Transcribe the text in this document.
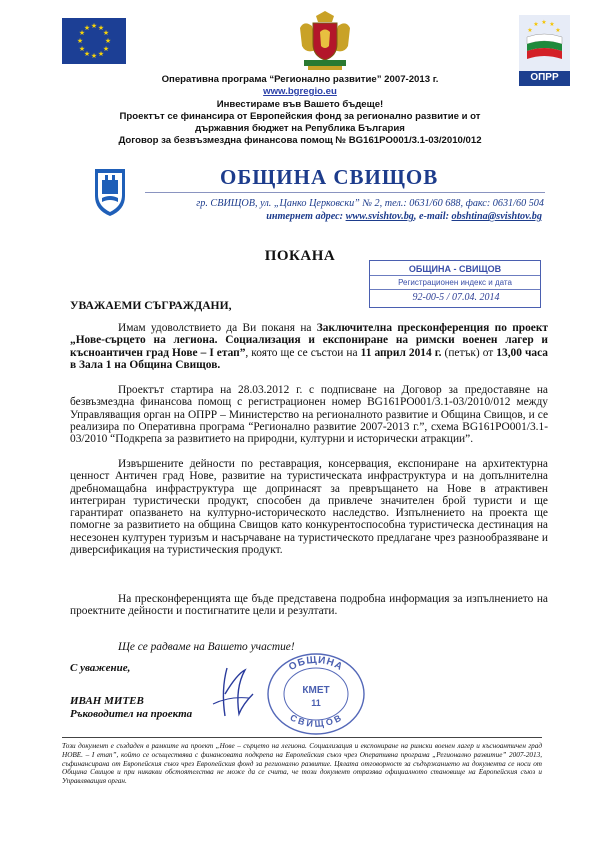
★ ★
★
★
★
★
★
★
★
★
★
★
★ ★
★
★
★
ОПРР
Оперативна програма “Регионално развитие” 2007-2013 г.
www.bgregio.eu
Инвестираме във Вашето бъдеще!
Проектът се финансира от Европейския фонд за регионално развитие и от
държавния бюджет на Република България
Договор за безвъзмездна финансова помощ № BG161PO001/3.1-03/2010/012
ОБЩИНА СВИЩОВ
гр. СВИЩОВ, ул. „Цанко Церковски” № 2, тел.: 0631/60 688, факс: 0631/60 504
интернет адрес: www.svishtov.bg, e-mail: obshtina@svishtov.bg
ПОКАНА
ОБЩИНА - СВИЩОВ
Регистрационен индекс и дата
92-00-5 / 07.04. 2014
УВАЖАЕМИ СЪГРАЖДАНИ,

Имам удоволствието да Ви поканя на Заключителна пресконференция по проект „Нове-сърцето на легиона. Социализация и експониране на римски военен лагер и късноантичен град Нове – I етап”, която ще се състои на 11 април 2014 г. (петък) от 13,00 часа в Зала 1 на Община Свищов.

Проектът стартира на 28.03.2012 г. с подписване на Договор за предоставяне на безвъзмездна финансова помощ с регистрационен номер BG161PO001/3.1-03/2010/012 между Управляващия орган на ОПРР – Министерство на регионалното развитие и Община Свищов, и се реализира по Оперативна програма “Регионално развитие 2007-2013 г.”, схема BG161PO001/3.1-03/2010 “Подкрепа за развитието на природни, културни и исторически атракции”.

Извършените дейности по реставрация, консервация, експониране на архитектурна ценност Античен град Нове, развитие на туристическата инфраструктура и на допълнителна дребномащабна инфраструктура ще допринасят за превръщането на Нове в атрактивен интегриран туристически продукт, способен да привлече значителен брой туристи и ще гарантират опазването на културно-историческото наследство. Изпълнението на проекта ще помогне за развитието на община Свищов като конкурентоспособна туристическа дестинация на несезонен културен туризъм и насърчаване на туристическото предлагане чрез разнообразяване и диверсификация на туристическия продукт.

На пресконференцията ще бъде представена подробна информация за изпълнението на проектните дейности и постигнатите цели и резултати.

Ще се радваме на Вашето участие!
С уважение,
ИВАН МИТЕВ
Ръководител на проекта
ОБЩИНА
СВИЩОВ
КМЕТ
11

Този документ е създаден в рамките на проект „Нове – сърцето на легиона. Социализация и експониране на римски военен лагер и късноантичен град НОВЕ. – I етап”, който се осъществява с финансовата подкрепа на Европейския съюз чрез Оперативна програма „Регионално развитие” 2007-2013, съфинансирана от Европейския съюз чрез Европейския фонд за регионално развитие. Цялата отговорност за съдържанието на документа се носи от Община Свищов и при никакви обстоятелства не може да се счита, че този документ отразява официалното становище на Европейския съюз и Управляващия орган.
